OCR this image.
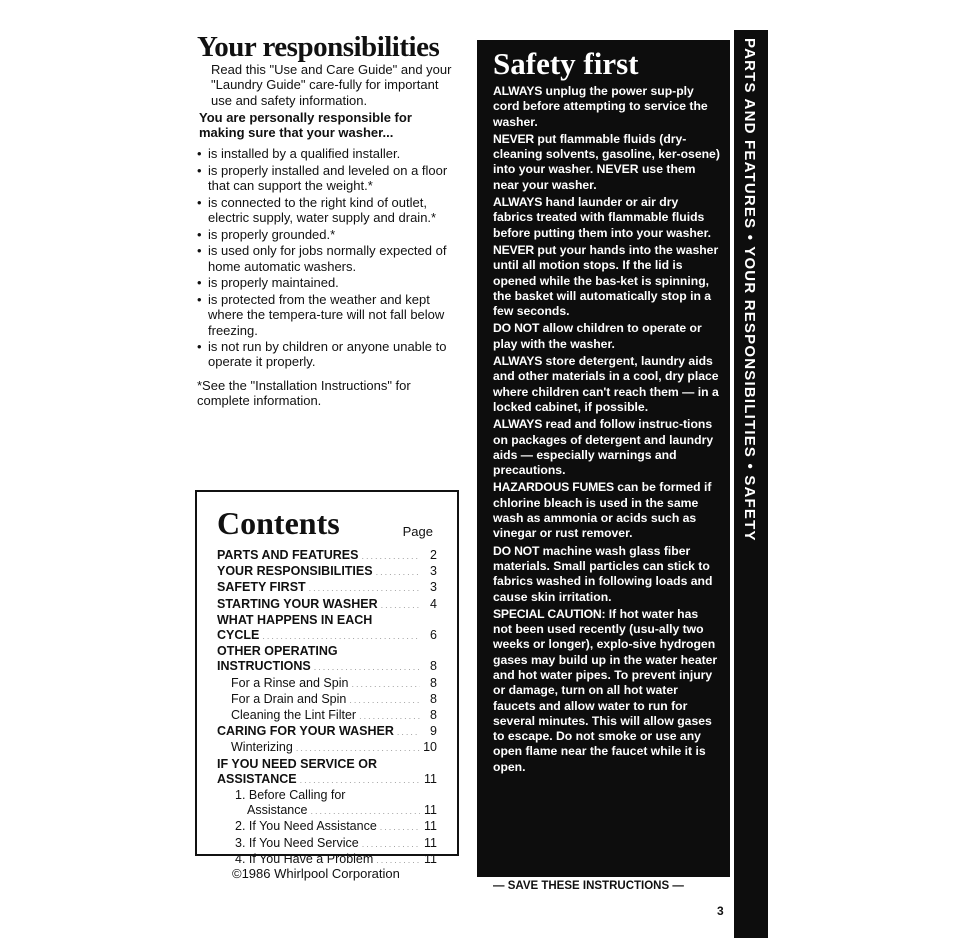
Your responsibilities

Read this "Use and Care Guide" and your "Laundry Guide" care-fully for important use and safety information.

You are personally responsible for making sure that your washer...

• is installed by a qualified installer.
• is properly installed and leveled on a floor that can support the weight.*
• is connected to the right kind of outlet, electric supply, water supply and drain.*
• is properly grounded.*
• is used only for jobs normally expected of home automatic washers.
• is properly maintained.
• is protected from the weather and kept where the tempera-ture will not fall below freezing.
• is not run by children or anyone unable to operate it properly.

*See the "Installation Instructions" for complete information.

Contents	Page
PARTS AND FEATURES .....	2
YOUR RESPONSIBILITIES .....	3
SAFETY FIRST .....	3
STARTING YOUR WASHER .....	4
WHAT HAPPENS IN EACH
CYCLE .....	6
OTHER OPERATING
INSTRUCTIONS .....	8
For a Rinse and Spin .....	8
For a Drain and Spin .....	8
Cleaning the Lint Filter .....	8
CARING FOR YOUR WASHER .....	9
Winterizing .....	10
IF YOU NEED SERVICE OR
ASSISTANCE .....	11
1. Before Calling for
Assistance .....	11
2. If You Need Assistance .....	11
3. If You Need Service .....	11
4. If You Have a Problem .....	11
©1986 Whirlpool Corporation
Safety first

ALWAYS unplug the power sup-ply cord before attempting to service the washer.

NEVER put flammable fluids (dry-cleaning solvents, gasoline, ker-osene) into your washer. NEVER use them near your washer.

ALWAYS hand launder or air dry fabrics treated with flammable fluids before putting them into your washer.

NEVER put your hands into the washer until all motion stops. If the lid is opened while the bas-ket is spinning, the basket will automatically stop in a few seconds.

DO NOT allow children to operate or play with the washer.

ALWAYS store detergent, laundry aids and other materials in a cool, dry place where children can't reach them — in a locked cabinet, if possible.

ALWAYS read and follow instruc-tions on packages of detergent and laundry aids — especially warnings and precautions.

HAZARDOUS FUMES can be formed if chlorine bleach is used in the same wash as ammonia or acids such as vinegar or rust remover.

DO NOT machine wash glass fiber materials. Small particles can stick to fabrics washed in following loads and cause skin irritation.

SPECIAL CAUTION: If hot water has not been used recently (usu-ally two weeks or longer), explo-sive hydrogen gases may build up in the water heater and hot water pipes. To prevent injury or damage, turn on all hot water faucets and allow water to run for several minutes. This will allow gases to escape. Do not smoke or use any open flame near the faucet while it is open.

— SAVE THESE INSTRUCTIONS —
3
PARTS AND FEATURES • YOUR RESPONSIBILITIES • SAFETY
